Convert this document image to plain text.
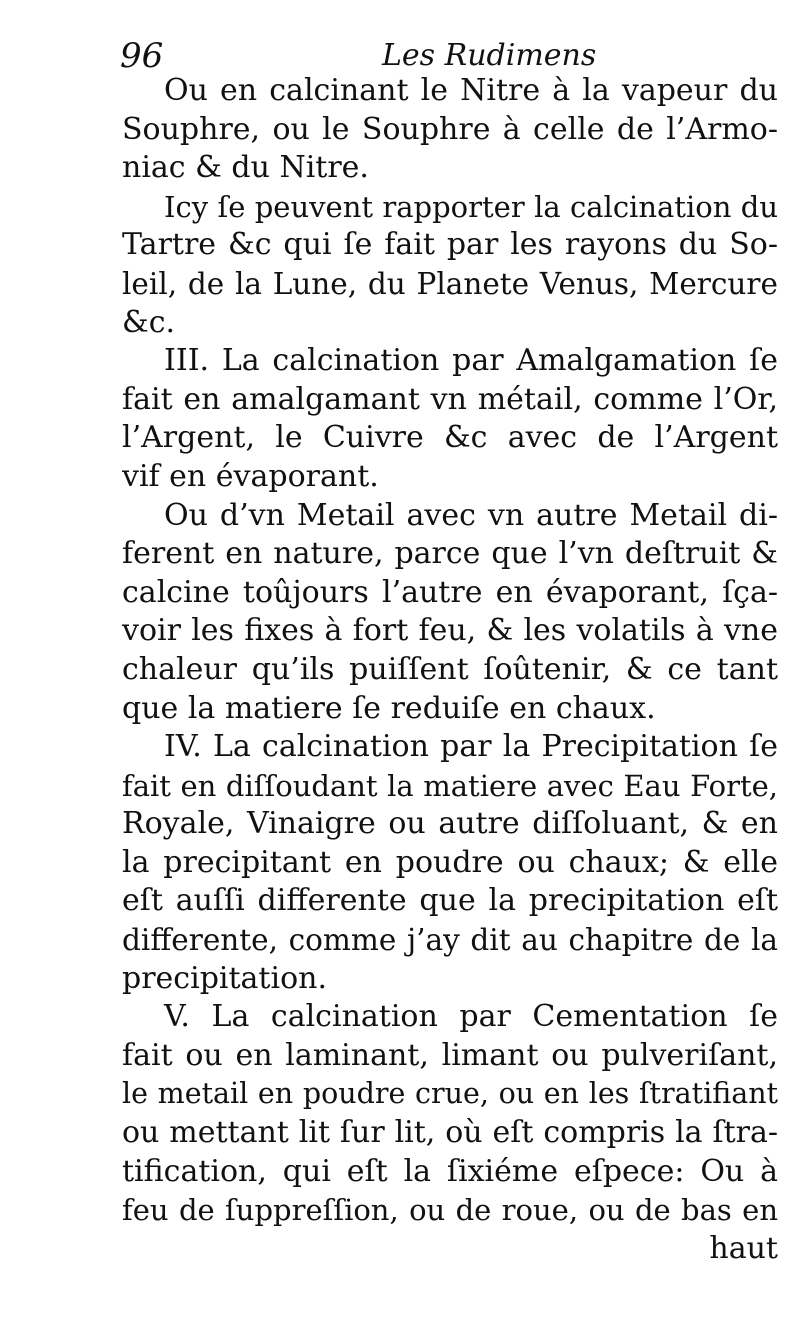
96	Les Rudimens
Ou en calcinant le Nitre à la vapeur du
Souphre, ou le Souphre à celle de l’Armo-
niac & du Nitre.
Icy ſe peuvent rapporter la calcination du
Tartre &c qui ſe fait par les rayons du So-
leil, de la Lune, du Planete Venus, Mercure
&c.
III. La calcination par Amalgamation ſe
fait en amalgamant vn métail, comme l’Or,
l’Argent, le Cuivre &c avec de l’Argent
vif en évaporant.
Ou d’vn Metail avec vn autre Metail di-
ferent en nature, parce que l’vn deſtruit &
calcine toûjours l’autre en évaporant, ſça-
voir les fixes à fort feu, & les volatils à vne
chaleur qu’ils puiſſent ſoûtenir, & ce tant
que la matiere ſe reduiſe en chaux.
IV. La calcination par la Precipitation ſe
fait en diſſoudant la matiere avec Eau Forte,
Royale, Vinaigre ou autre diſſoluant, & en
la precipitant en poudre ou chaux; & elle
eſt auſſi differente que la precipitation eſt
differente, comme j’ay dit au chapitre de la
precipitation.
V. La calcination par Cementation ſe
fait ou en laminant, limant ou pulveriſant,
le metail en poudre crue, ou en les ſtratifiant
ou mettant lit ſur lit, où eſt compris la ſtra-
tification, qui eſt la ſixiéme eſpece: Ou à
feu de ſuppreſſion, ou de roue, ou de bas en
haut
